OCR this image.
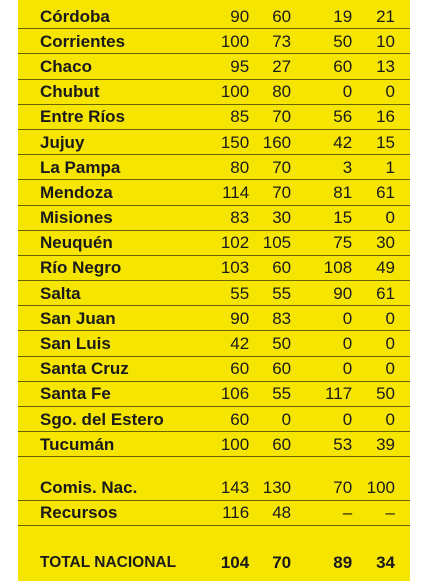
Córdoba	90	60	19	21
Corrientes	100	73	50	10
Chaco	95	27	60	13
Chubut	100	80	0	0
Entre Ríos	85	70	56	16
Jujuy	150	160	42	15
La Pampa	80	70	3	1
Mendoza	114	70	81	61
Misiones	83	30	15	0
Neuquén	102	105	75	30
Río Negro	103	60	108	49
Salta	55	55	90	61
San Juan	90	83	0	0
San Luis	42	50	0	0
Santa Cruz	60	60	0	0
Santa Fe	106	55	117	50
Sgo. del Estero	60	0	0	0
Tucumán	100	60	53	39

Comis. Nac.	143	130	70	100
Recursos	116	48	–	–

TOTAL NACIONAL	104	70	89	34
